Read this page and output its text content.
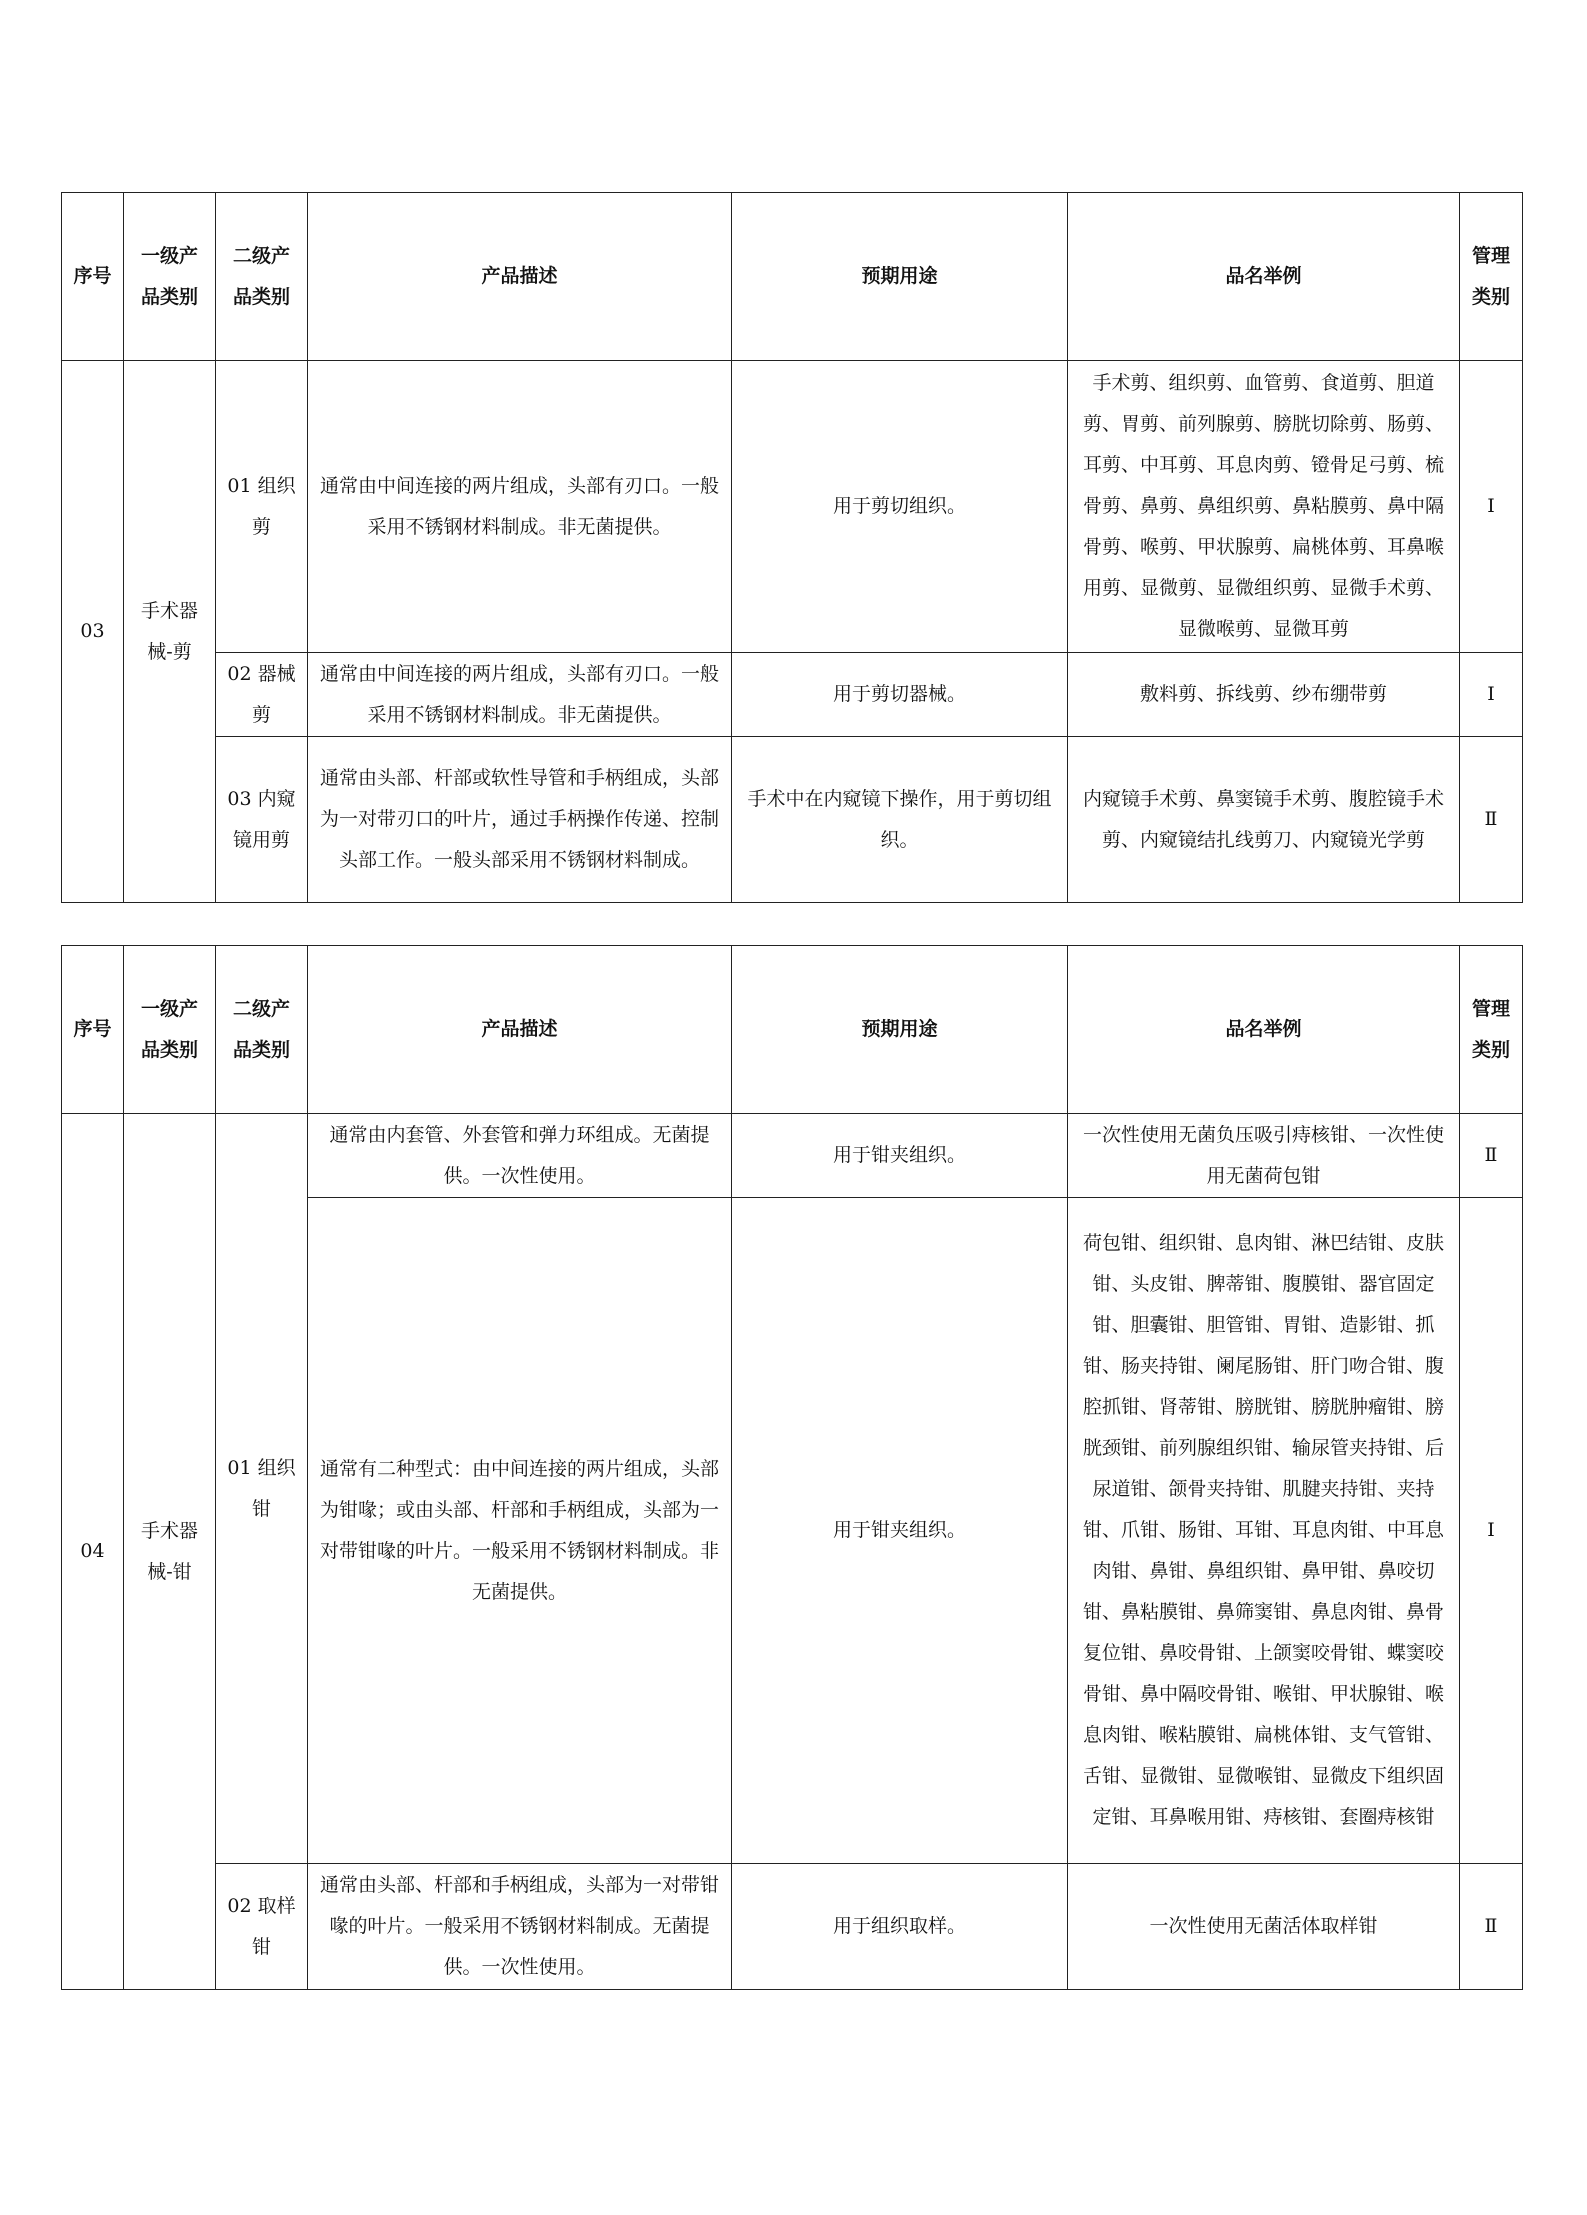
序号	一级产品类别	二级产品类别	产品描述	预期用途	品名举例	管理类别
03	手术器械-剪	01 组织剪	通常由中间连接的两片组成，头部有刃口。一般采用不锈钢材料制成。非无菌提供。	用于剪切组织。	手术剪、组织剪、血管剪、食道剪、胆道剪、胃剪、前列腺剪、膀胱切除剪、肠剪、耳剪、中耳剪、耳息肉剪、镫骨足弓剪、梳骨剪、鼻剪、鼻组织剪、鼻粘膜剪、鼻中隔骨剪、喉剪、甲状腺剪、扁桃体剪、耳鼻喉用剪、显微剪、显微组织剪、显微手术剪、显微喉剪、显微耳剪	Ⅰ
		02 器械剪	通常由中间连接的两片组成，头部有刃口。一般采用不锈钢材料制成。非无菌提供。	用于剪切器械。	敷料剪、拆线剪、纱布绷带剪	Ⅰ
		03 内窥镜用剪	通常由头部、杆部或软性导管和手柄组成，头部为一对带刃口的叶片，通过手柄操作传递、控制头部工作。一般头部采用不锈钢材料制成。	手术中在内窥镜下操作，用于剪切组织。	内窥镜手术剪、鼻窦镜手术剪、腹腔镜手术剪、内窥镜结扎线剪刀、内窥镜光学剪	Ⅱ
序号	一级产品类别	二级产品类别	产品描述	预期用途	品名举例	管理类别
04	手术器械-钳	01 组织钳	通常由内套管、外套管和弹力环组成。无菌提供。一次性使用。	用于钳夹组织。	一次性使用无菌负压吸引痔核钳、一次性使用无菌荷包钳	Ⅱ
			通常有二种型式：由中间连接的两片组成，头部为钳喙；或由头部、杆部和手柄组成，头部为一对带钳喙的叶片。一般采用不锈钢材料制成。非无菌提供。	用于钳夹组织。	荷包钳、组织钳、息肉钳、淋巴结钳、皮肤钳、头皮钳、脾蒂钳、腹膜钳、器官固定钳、胆囊钳、胆管钳、胃钳、造影钳、抓钳、肠夹持钳、阑尾肠钳、肝门吻合钳、腹腔抓钳、肾蒂钳、膀胱钳、膀胱肿瘤钳、膀胱颈钳、前列腺组织钳、输尿管夹持钳、后尿道钳、颌骨夹持钳、肌腱夹持钳、夹持钳、爪钳、肠钳、耳钳、耳息肉钳、中耳息肉钳、鼻钳、鼻组织钳、鼻甲钳、鼻咬切钳、鼻粘膜钳、鼻筛窦钳、鼻息肉钳、鼻骨复位钳、鼻咬骨钳、上颌窦咬骨钳、蝶窦咬骨钳、鼻中隔咬骨钳、喉钳、甲状腺钳、喉息肉钳、喉粘膜钳、扁桃体钳、支气管钳、舌钳、显微钳、显微喉钳、显微皮下组织固定钳、耳鼻喉用钳、痔核钳、套圈痔核钳	Ⅰ
		02 取样钳	通常由头部、杆部和手柄组成，头部为一对带钳喙的叶片。一般采用不锈钢材料制成。无菌提供。一次性使用。	用于组织取样。	一次性使用无菌活体取样钳	Ⅱ
